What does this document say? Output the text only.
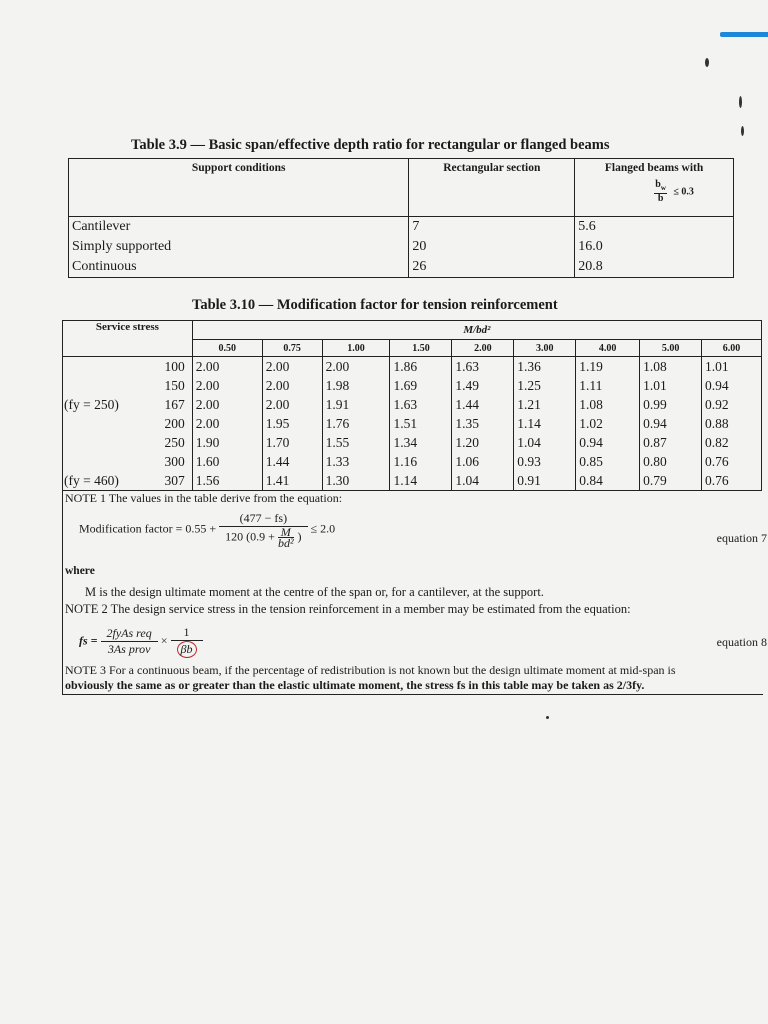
Table 3.9 — Basic span/effective depth ratio for rectangular or flanged beams
Support conditions	Rectangular section	Flanged beams with
$\frac{b_w}{b} \le 0.3$

Cantilever	7	5.6
Simply supported	20	16.0
Continuous	26	20.8
Table 3.10 — Modification factor for tension reinforcement
Service stress	M/bd²								
	0.50	0.75	1.00	1.50	2.00	3.00	4.00	5.00	6.00
100	2.00	2.00	2.00	1.86	1.63	1.36	1.19	1.08	1.01
150	2.00	2.00	1.98	1.69	1.49	1.25	1.11	1.01	0.94

(fy = 250) 167	2.00	2.00	1.91	1.63	1.44	1.21	1.08	0.99	0.92
200	2.00	1.95	1.76	1.51	1.35	1.14	1.02	0.94	0.88
250	1.90	1.70	1.55	1.34	1.20	1.04	0.94	0.87	0.82
300	1.60	1.44	1.33	1.16	1.06	0.93	0.85	0.80	0.76

(fy = 460) 307	1.56	1.41	1.30	1.14	1.04	0.91	0.84	0.79	0.76
NOTE 1 The values in the table derive from the equation:
Modification factor = 0.55 +
(477 − fs)
120 ($0.9 + \frac{M}{\text{bd²}}$ )
≤ 2.0
equation 7
where
M is the design ultimate moment at the centre of the span or, for a cantilever, at the support.
NOTE 2 The design service stress in the tension reinforcement in a member may be estimated from the equation:
fs =
2fyAs req
3As prov
× $\frac{1}{\beta b}$	equation 8
NOTE 3 For a continuous beam, if the percentage of redistribution is not known but the design ultimate moment at mid-span is
obviously the same as or greater than the elastic ultimate moment, the stress fs in this table may be taken as 2/3fy.
